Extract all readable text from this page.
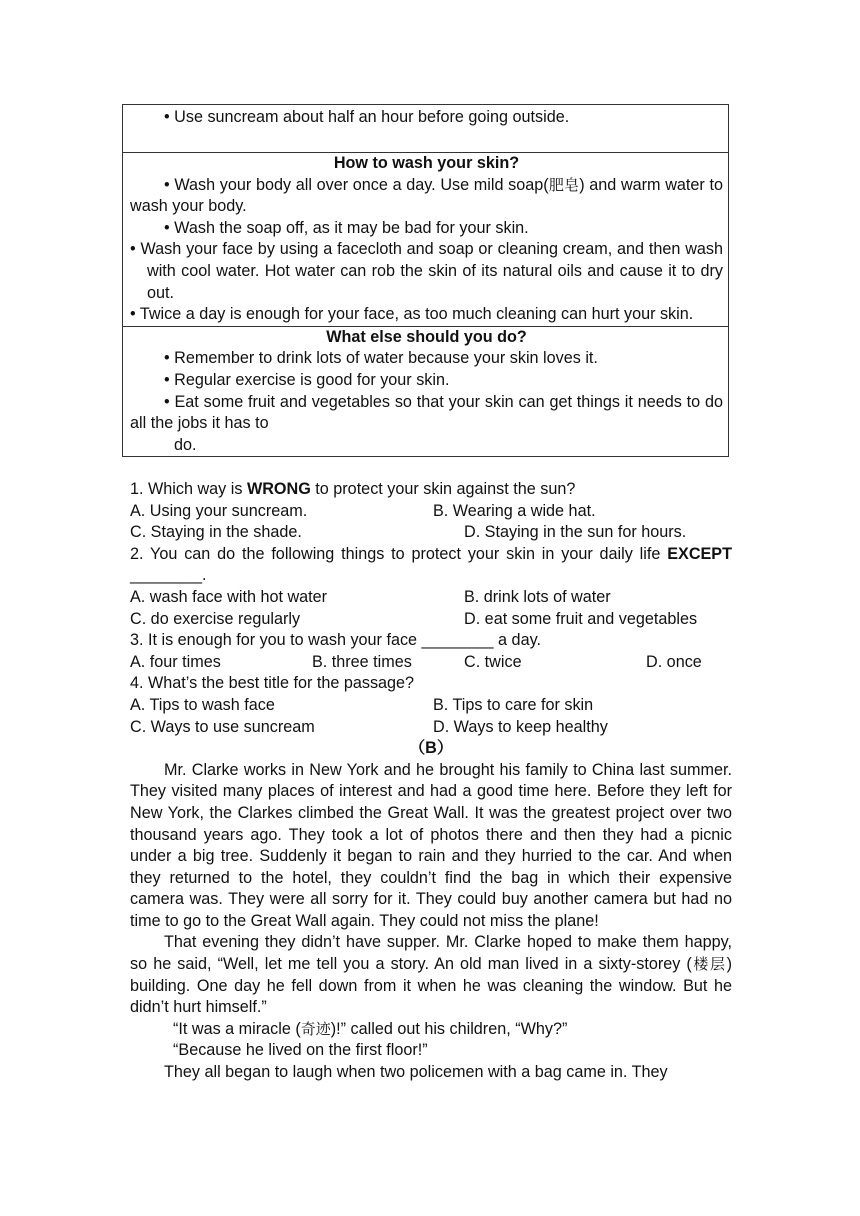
• Use suncream about half an hour before going outside.
How to wash your skin?
• Wash your body all over once a day. Use mild soap(肥皂) and warm water to wash your body.
• Wash the soap off, as it may be bad for your skin.
• Wash your face by using a facecloth and soap or cleaning cream, and then wash with cool water. Hot water can rob the skin of its natural oils and cause it to dry out.
• Twice a day is enough for your face, as too much cleaning can hurt your skin.
What else should you do?
• Remember to drink lots of water because your skin loves it.
• Regular exercise is good for your skin.
• Eat some fruit and vegetables so that your skin can get things it needs to do all the jobs it has to
do.

1. Which way is WRONG to protect your skin against the sun?

A. Using your suncream.	B. Wearing a wide hat.
C. Staying in the shade.	D. Staying in the sun for hours.

2. You can do the following things to protect your skin in your daily life EXCEPT ________.

A. wash face with hot water	B. drink lots of water
C. do exercise regularly	D. eat some fruit and vegetables

3. It is enough for you to wash your face ________ a day.

A. four times	B. three times	C. twice	D. once

4. What’s the best title for the passage?

A. Tips to wash face	B. Tips to care for skin
C. Ways to use suncream	D. Ways to keep healthy

（B）

Mr. Clarke works in New York and he brought his family to China last summer. They visited many places of interest and had a good time here. Before they left for New York, the Clarkes climbed the Great Wall. It was the greatest project over two thousand years ago. They took a lot of photos there and then they had a picnic under a big tree. Suddenly it began to rain and they hurried to the car. And when they returned to the hotel, they couldn’t find the bag in which their expensive camera was. They were all sorry for it. They could buy another camera but had no time to go to the Great Wall again. They could not miss the plane!

That evening they didn’t have supper. Mr. Clarke hoped to make them happy, so he said, “Well, let me tell you a story. An old man lived in a sixty-storey (楼层) building. One day he fell down from it when he was cleaning the window. But he didn’t hurt himself.”

“It was a miracle (奇迹)!” called out his children, “Why?”

“Because he lived on the first floor!”

They all began to laugh when two policemen with a bag came in. They
